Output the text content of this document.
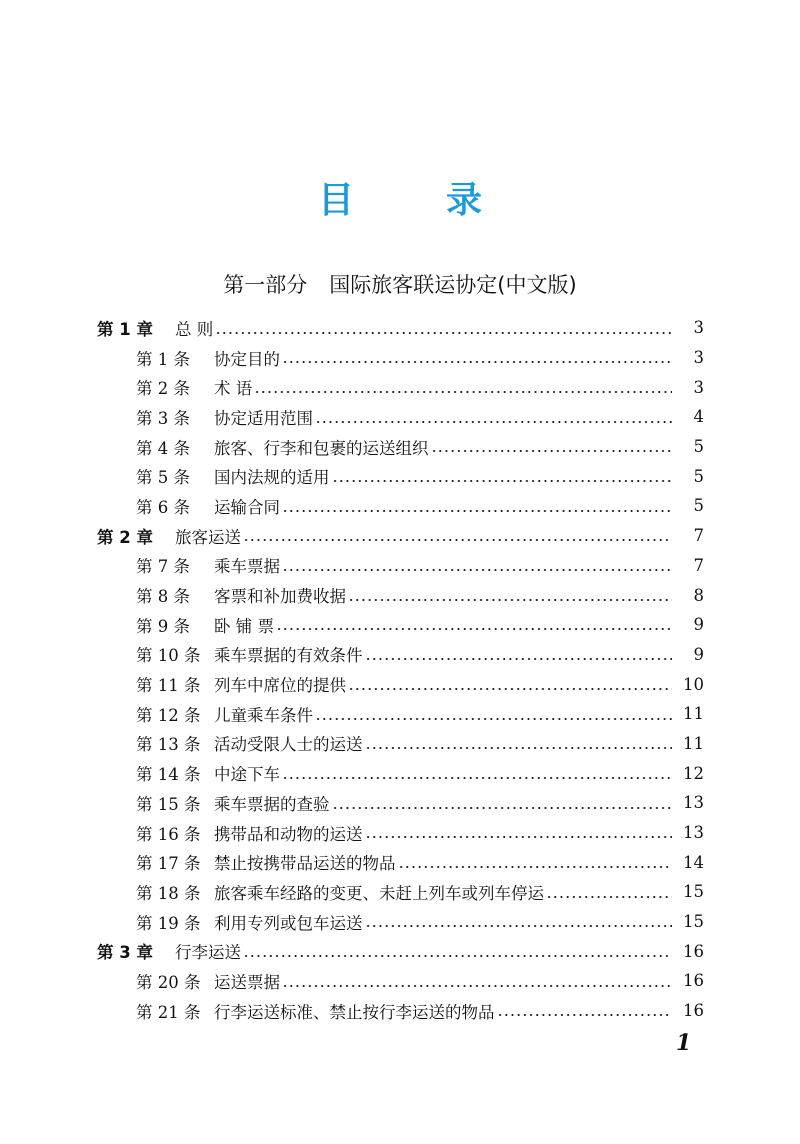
目录
第一部分 国际旅客联运协定(中文版)
第 1 章	总 则	3
第 1 条	协定目的	3
第 2 条	术 语	3
第 3 条	协定适用范围	4
第 4 条	旅客、行李和包裹的运送组织	5
第 5 条	国内法规的适用	5
第 6 条	运输合同	5
第 2 章	旅客运送	7
第 7 条	乘车票据	7
第 8 条	客票和补加费收据	8
第 9 条	卧 铺 票	9
第 10 条 乘车票据的有效条件	9
第 11 条 列车中席位的提供	10
第 12 条 儿童乘车条件	11
第 13 条 活动受限人士的运送	11
第 14 条 中途下车	12
第 15 条 乘车票据的查验	13
第 16 条 携带品和动物的运送	13
第 17 条 禁止按携带品运送的物品	14
第 18 条 旅客乘车经路的变更、未赶上列车或列车停运	15
第 19 条 利用专列或包车运送	15
第 3 章	行李运送	16
第 20 条 运送票据	16
第 21 条 行李运送标准、禁止按行李运送的物品	16
1
